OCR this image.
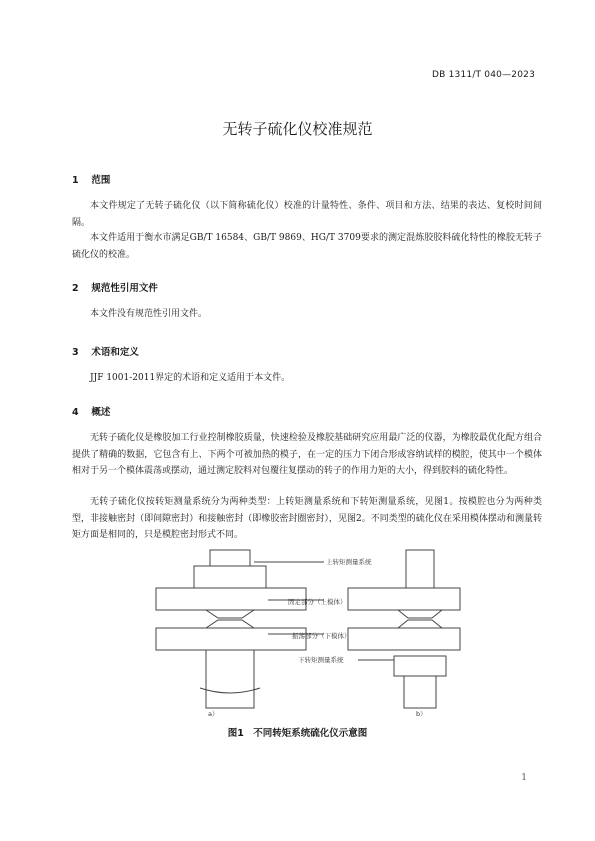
DB 1311/T 040—2023
无转子硫化仪校准规范
1 范围
本文件规定了无转子硫化仪（以下简称硫化仪）校准的计量特性、条件、项目和方法、结果的表达、复校时间间隔。
本文件适用于衡水市满足GB/T 16584、GB/T 9869、HG/T 3709要求的测定混炼胶胶料硫化特性的橡胶无转子硫化仪的校准。
2 规范性引用文件
本文件没有规范性引用文件。
3 术语和定义
JJF 1001-2011界定的术语和定义适用于本文件。
4 概述
无转子硫化仪是橡胶加工行业控制橡胶质量，快速检验及橡胶基础研究应用最广泛的仪器，为橡胶最优化配方组合提供了精确的数据，它包含有上、下两个可被加热的模子，在一定的压力下闭合形成容纳试样的模腔，使其中一个模体相对于另一个模体震荡或摆动，通过测定胶料对包覆往复摆动的转子的作用力矩的大小，得到胶料的硫化特性。
无转子硫化仪按转矩测量系统分为两种类型：上转矩测量系统和下转矩测量系统，见图1。按模腔也分为两种类型，非接触密封（即间隙密封）和接触密封（即橡胶密封圈密封），见图2。不同类型的硫化仪在采用模体摆动和测量转矩方面是相同的，只是模腔密封形式不同。
上转矩测量系统
固定部分（上模体）
振荡部分（下模体）
下转矩测量系统
a）	b）
图1　不同转矩系统硫化仪示意图
1
